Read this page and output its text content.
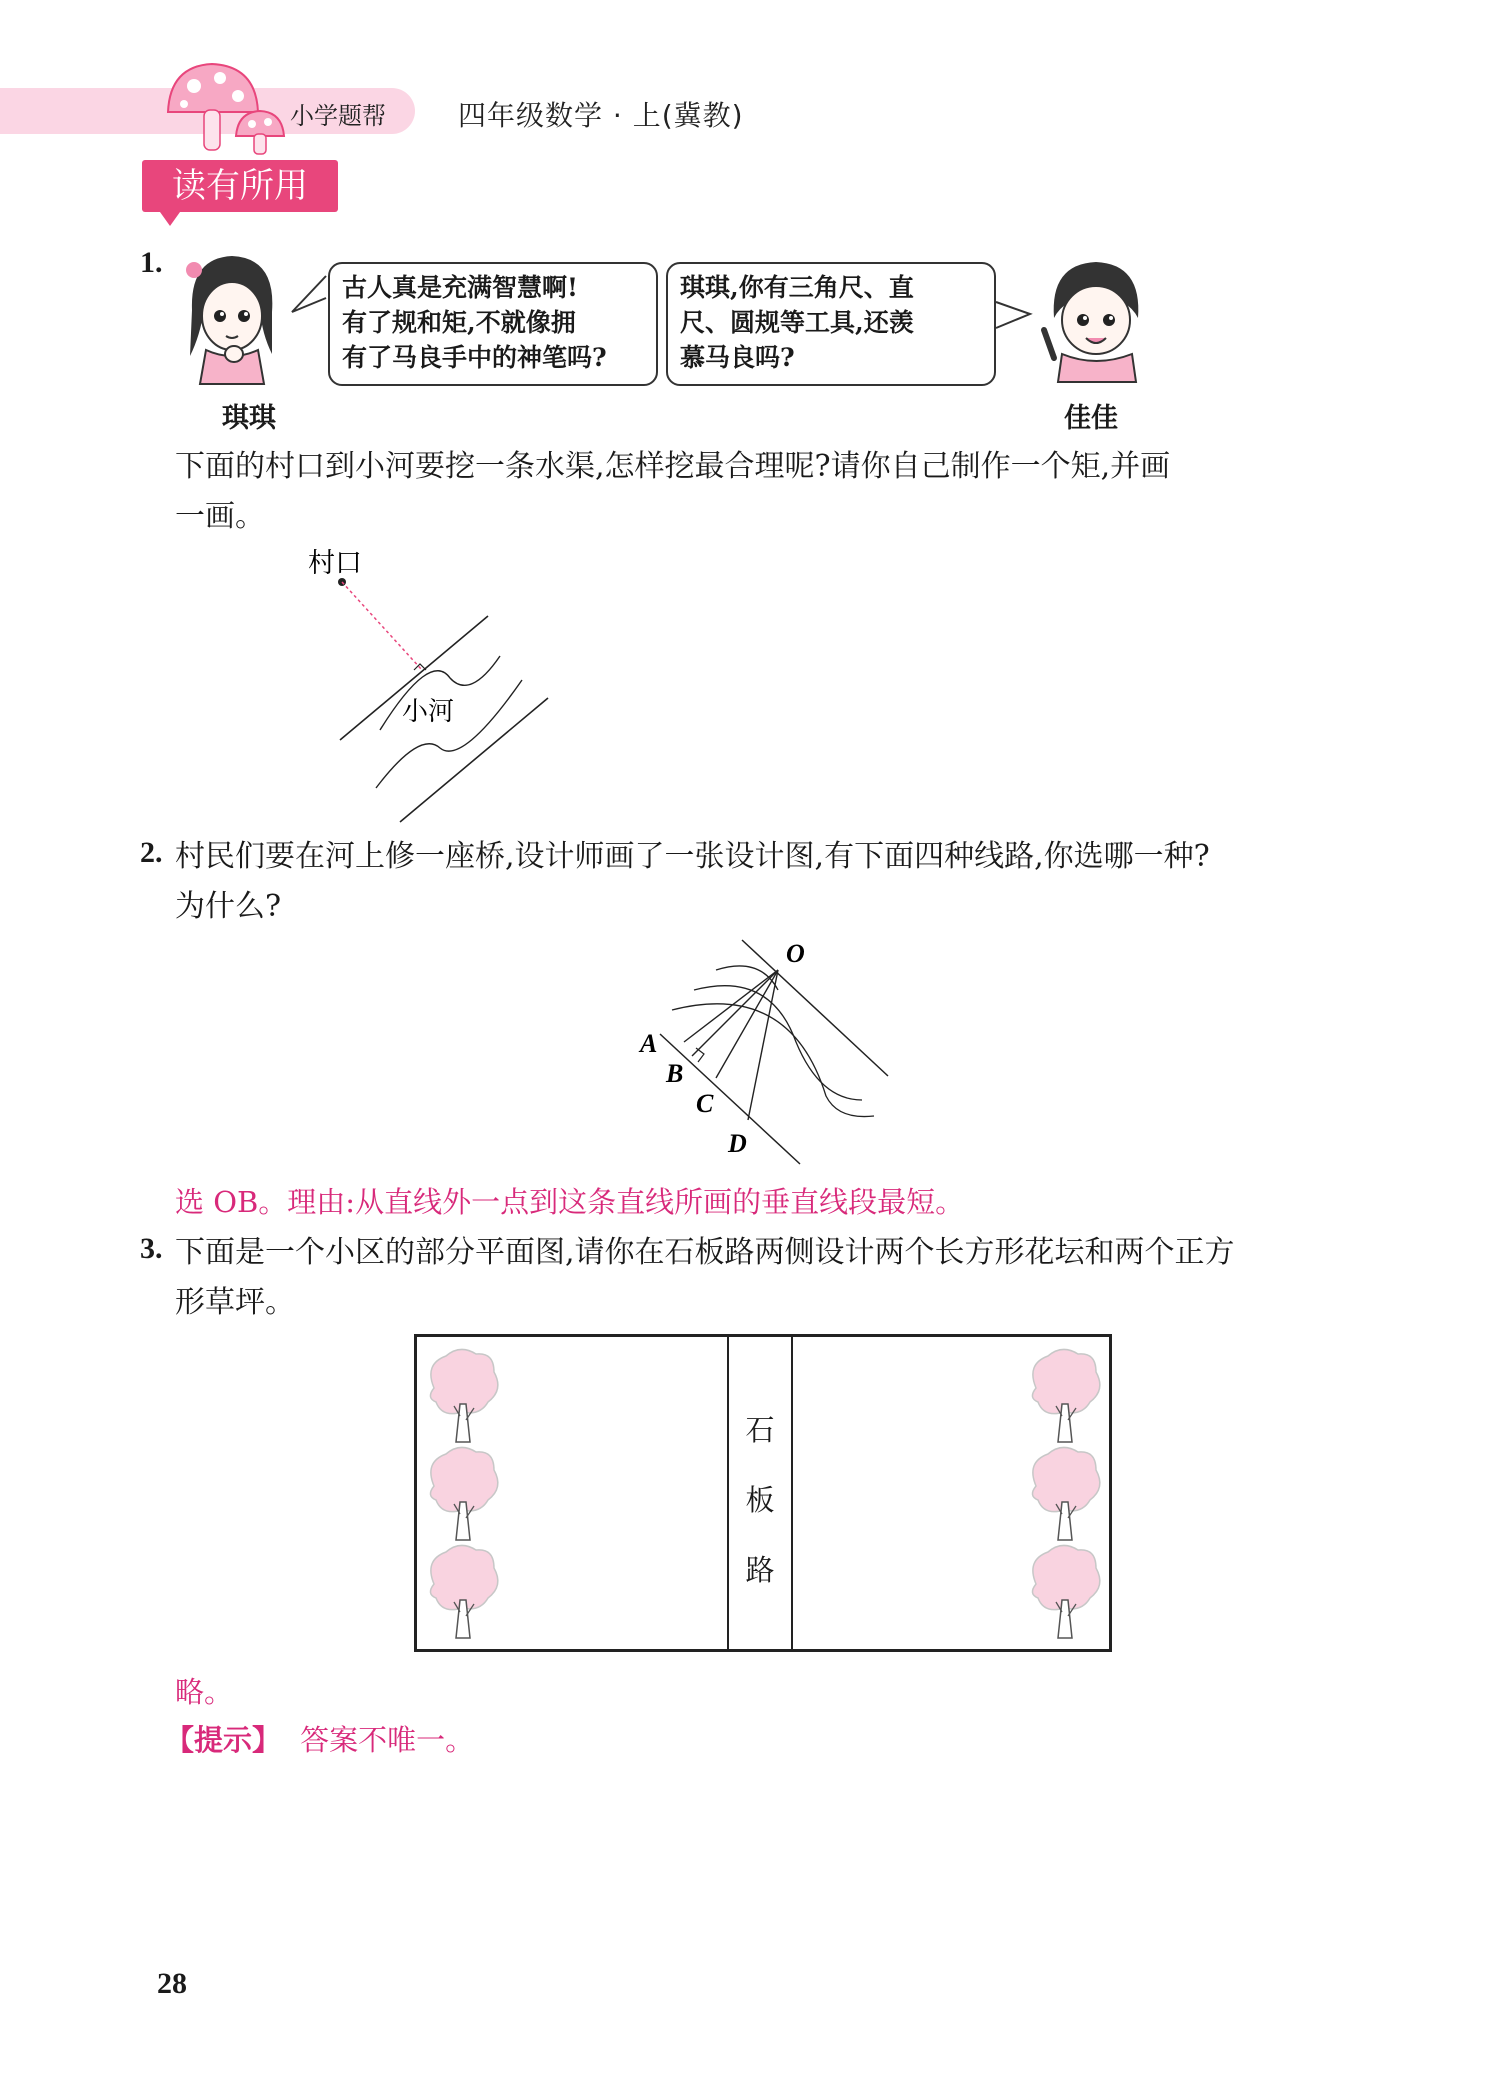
小学题帮	四年级数学 · 上(冀教)
读有所用
1.
琪琪
古人真是充满智慧啊!
有了规和矩,不就像拥
有了马良手中的神笔吗?
琪琪,你有三角尺、直
尺、圆规等工具,还羡
慕马良吗?
佳佳
下面的村口到小河要挖一条水渠,怎样挖最合理呢?请你自己制作一个矩,并画
一画。
村口
小河
2. 村民们要在河上修一座桥,设计师画了一张设计图,有下面四种线路,你选哪一种?
为什么?
O
A
B
C
D
选 OB。理由:从直线外一点到这条直线所画的垂直线段最短。
3. 下面是一个小区的部分平面图,请你在石板路两侧设计两个长方形花坛和两个正方
形草坪。
石
板
路
略。
【提示】 答案不唯一。
28
